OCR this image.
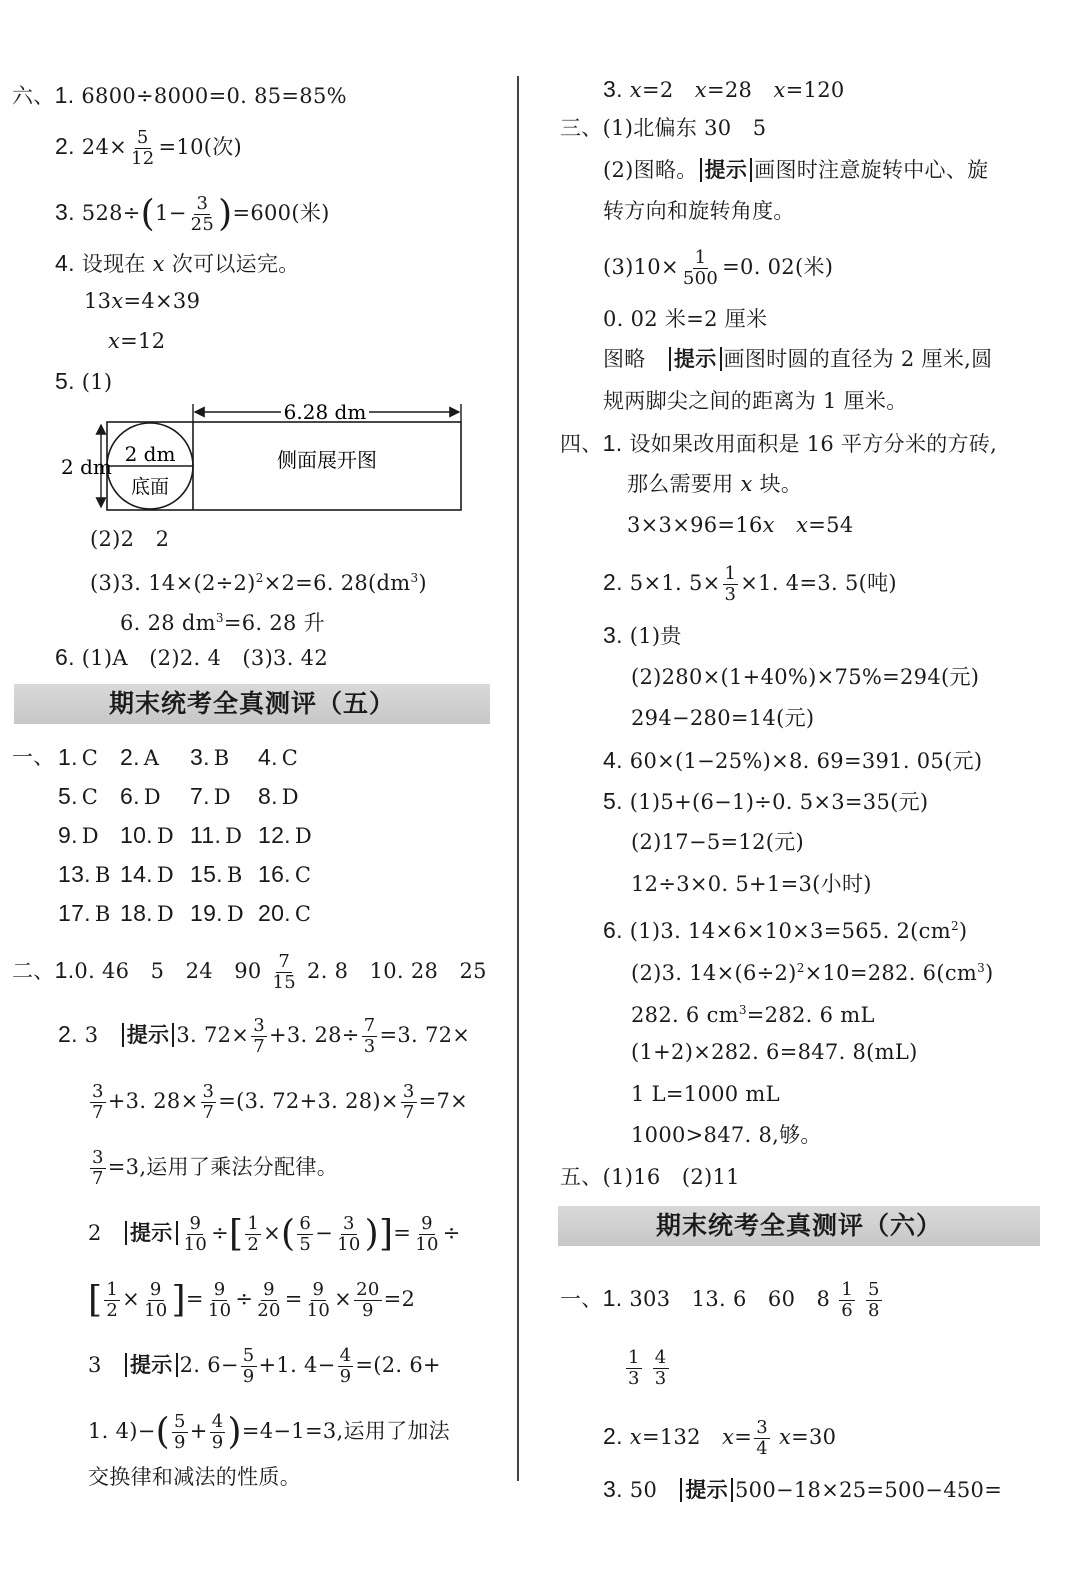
六、1. 6800÷8000=0. 85=85%
2. $24\times \frac{5}{12} =10$(次)
3. $528\div(1- \frac{3}{25} )=600$(米)
4. 设现在 x 次可以运完。
13x=4×39
x=12
5. (1)
6.28 dm
2 dm
2 dm
底面
侧面展开图
(2)2　2
(3)3. $14\times(2\div 2)^2\times 2=6$. $28(dm^3)$
6. 28 $dm^3=6$. 28 升
6. (1)A　(2)2. 4　(3)3. 42
期末统考全真测评（五）
一、 1. C 2. A 3. B 4. C
5. C 6. D 7. D 8. D
9. D 10. D 11. D 12. D
13. B 14. D 15. B 16. C
17. B 18. D 19. D 20. C
二、1.0. 46　5　24　$90 \frac{7}{15} 2$. 8　10. 28　25
2. 3　提示 3. $72\times \frac{3}{7} +3$. $28\div \frac{7}{3} =3$. 72×
$\frac{3}{7} +3$. $28\times \frac{3}{7} =(3$. 72+3. $28)\times \frac{3}{7} =7\times$
$\frac{3}{7} =3$,运用了乘法分配律。
2　提示 $\frac{9}{10}$ ÷[ $\frac{1}{2}$ ×( $\frac{6}{5} - \frac{3}{10}$ )]= $\frac{9}{10}$ ÷
[ $\frac{1}{2} \times \frac{9}{10}$ ]= $\frac{9}{10} \div \frac{9}{20} = \frac{9}{10} \times \frac{20}{9} =2$
3　提示 2. $6- \frac{5}{9} +1$. $4- \frac{4}{9} =(2$. 6+
1. $4)-( \frac{5}{9} + \frac{4}{9} )=4-1=3$,运用了加法
交换律和减法的性质。
3. x=2　x=28　x=120
三、(1)北偏东 30　5
(2)图略。 提示 画图时注意旋转中心、旋
转方向和旋转角度。
$(3)10\times \frac{1}{500} =0$. 02(米)
0. 02 米=2 厘米
图略　提示 画图时圆的直径为 2 厘米,圆
规两脚尖之间的距离为 1 厘米。
四、1. 设如果改用面积是 16 平方分米的方砖,
那么需要用 x 块。
3×3×96=16x　 x=54
2. 5×1. $5\times \frac{1}{3} \times 1$. 4=3. 5(吨)
3. (1)贵
(2)280×(1+40%)×75%=294(元)
294−280=14(元)
4. 60×(1−25%)×8. 69=391. 05(元)
5. (1)5+(6−1)÷0. 5×3=35(元)
(2)17−5=12(元)
12÷3×0. 5+1=3(小时)
6. (1)3. 14×6×10×3=565. $2(cm^2)$
(2)3. $14\times(6\div 2)^2\times 10=282$. $6(cm^3)$
282. 6 $cm^3=282$. 6 mL
(1+2)×282. 6=847. 8(mL)
1 L=1000 mL
1000>847. 8,够。
五、(1)16　(2)11
期末统考全真测评（六）
一、1. 303　13. 6　60　$8 \frac{1}{6}$
$\frac{5}{8}$
$\frac{1}{3}$
$\frac{4}{3}$
2. x=132　$x= \frac{3}{4} x=30$
3. 50　提示 500−18×25=500−450=
